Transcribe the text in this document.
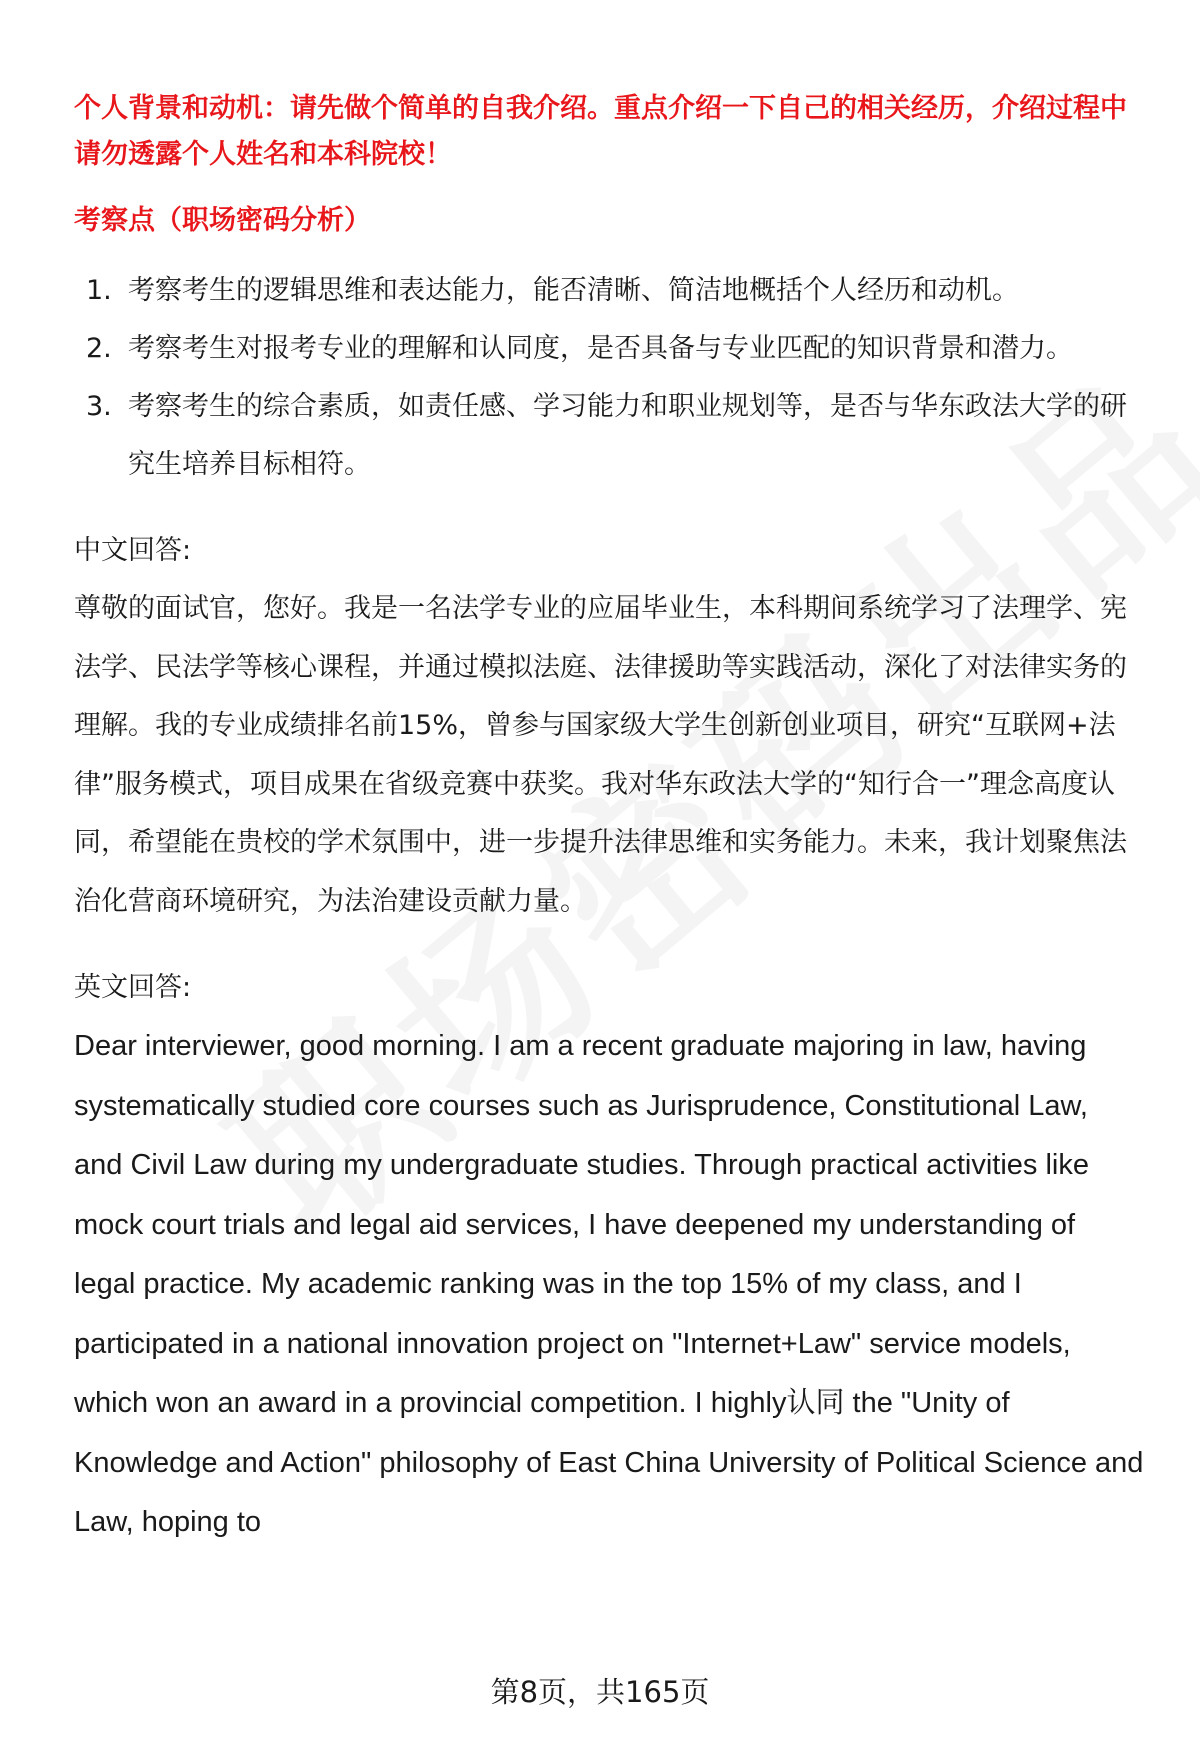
个人背景和动机：请先做个简单的自我介绍。重点介绍一下自己的相关经历，介绍过程中请勿透露个人姓名和本科院校！

考察点（职场密码分析）

1. 考察考生的逻辑思维和表达能力，能否清晰、简洁地概括个人经历和动机。
2. 考察考生对报考专业的理解和认同度，是否具备与专业匹配的知识背景和潜力。
3. 考察考生的综合素质，如责任感、学习能力和职业规划等，是否与华东政法大学的研究生培养目标相符。

中文回答:

尊敬的面试官，您好。我是一名法学专业的应届毕业生，本科期间系统学习了法理学、宪法学、民法学等核心课程，并通过模拟法庭、法律援助等实践活动，深化了对法律实务的理解。我的专业成绩排名前15%，曾参与国家级大学生创新创业项目，研究“互联网+法律”服务模式，项目成果在省级竞赛中获奖。我对华东政法大学的“知行合一”理念高度认同，希望能在贵校的学术氛围中，进一步提升法律思维和实务能力。未来，我计划聚焦法治化营商环境研究，为法治建设贡献力量。

英文回答:

Dear interviewer, good morning. I am a recent graduate majoring in law, having systematically studied core courses such as Jurisprudence, Constitutional Law, and Civil Law during my undergraduate studies. Through practical activities like mock court trials and legal aid services, I have deepened my understanding of legal practice. My academic ranking was in the top 15% of my class, and I participated in a national innovation project on "Internet+Law" service models, which won an award in a provincial competition. I highly认同 the "Unity of Knowledge and Action" philosophy of East China University of Political Science and Law, hoping to

第8页，共165页
